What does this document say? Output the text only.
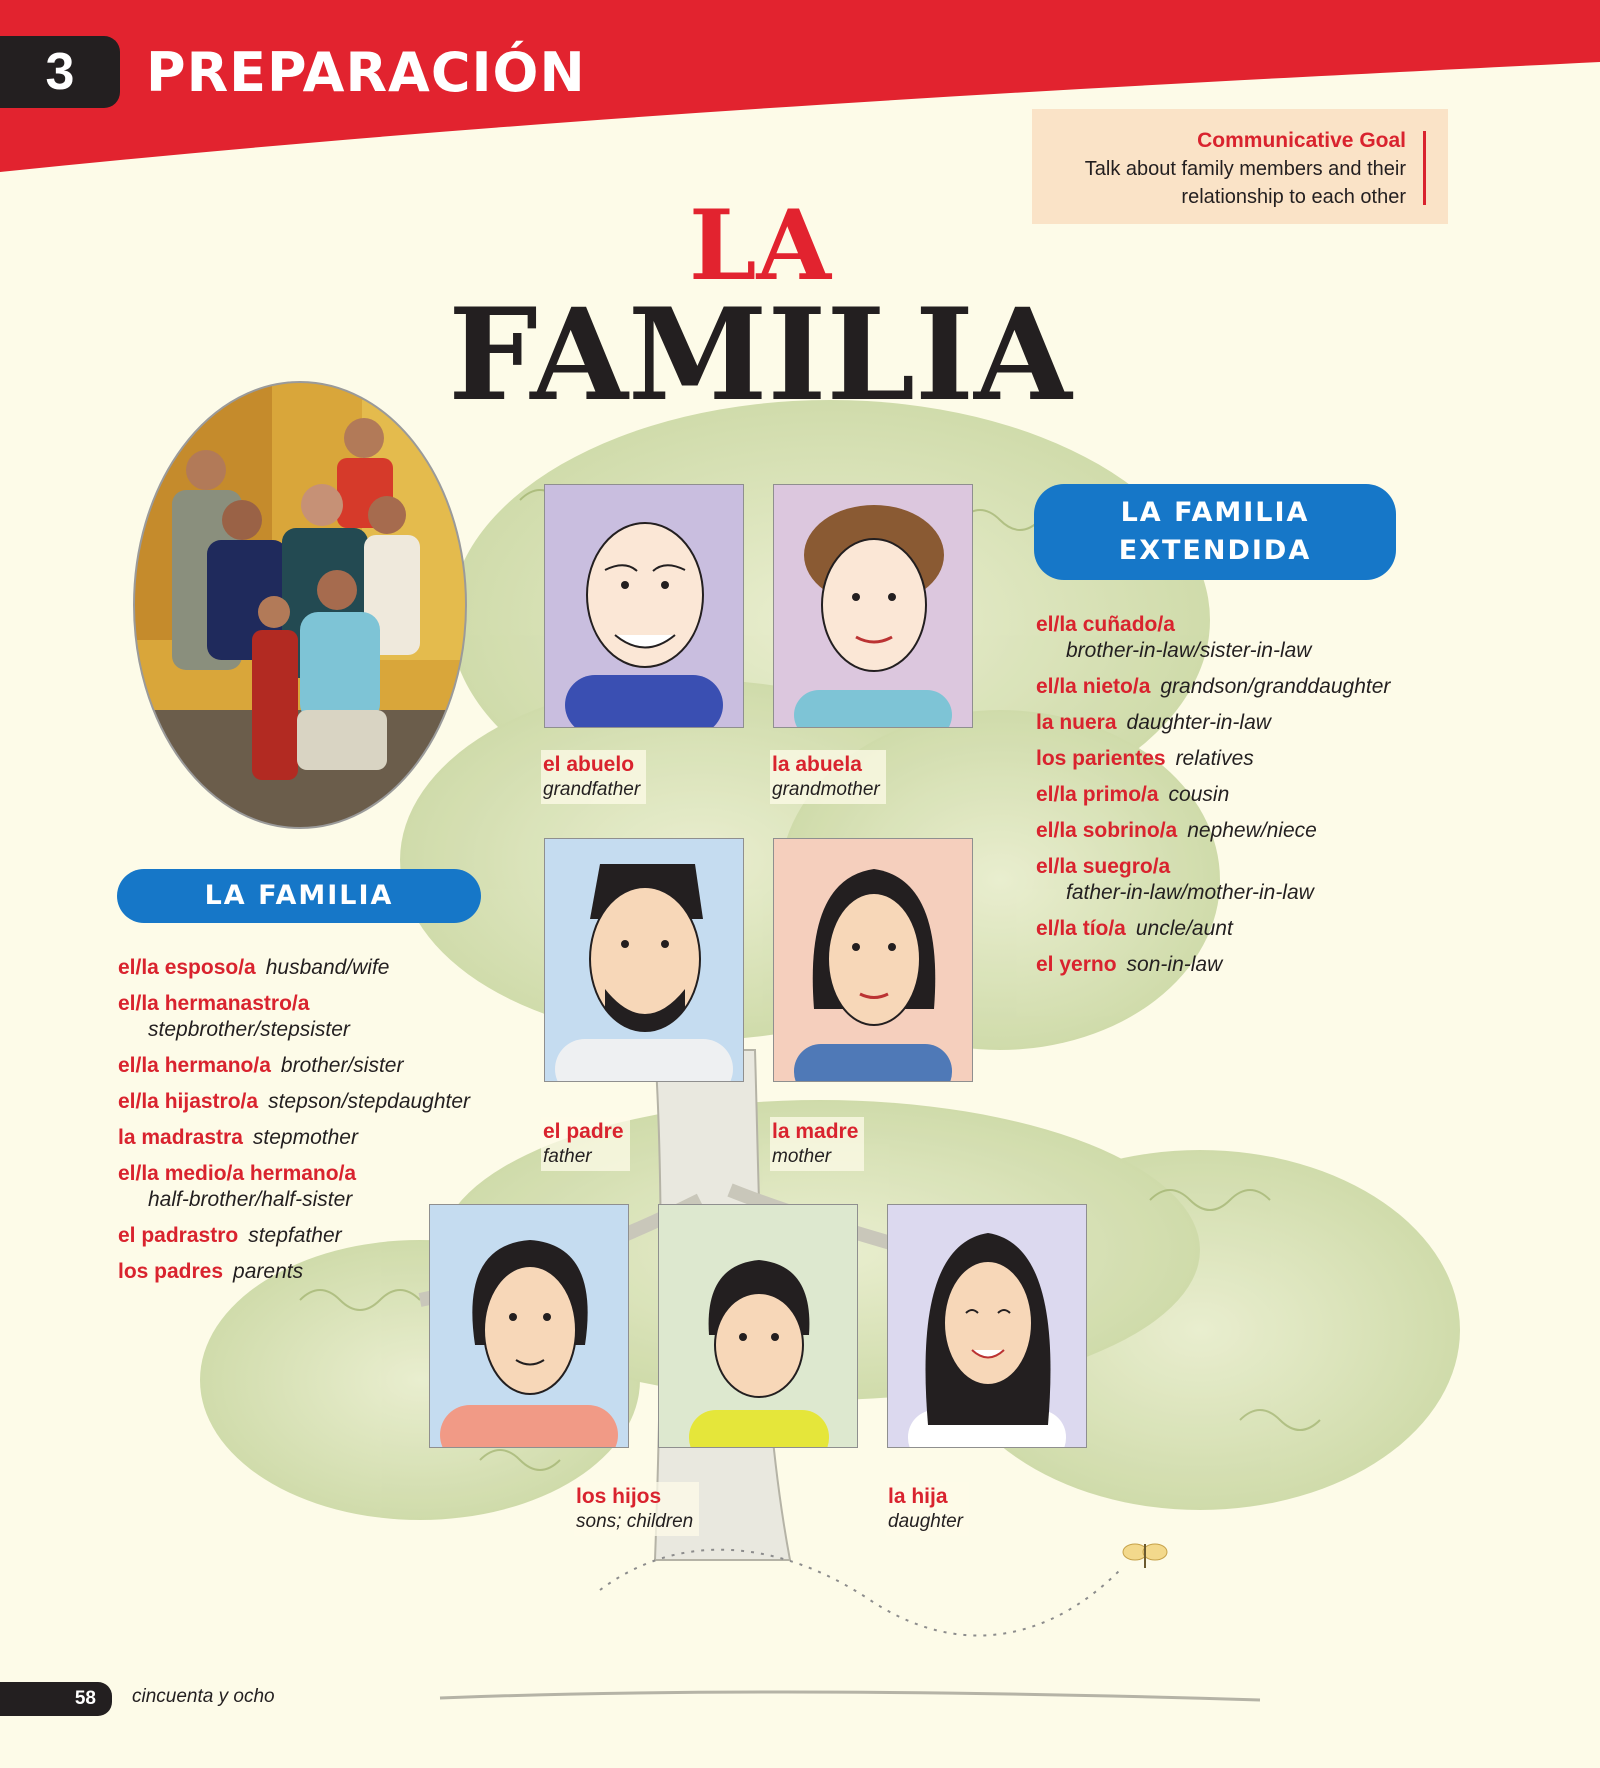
3	PREPARACIÓN
Communicative Goal
Talk about family members and their relationship to each other
LA
FAMILIA
el abuelo
grandfather
la abuela
grandmother
el padre
father
la madre
mother
los hijos
sons; children
la hija
daughter
LA FAMILIA
el/la esposo/a husband/wife
el/la hermanastro/a
stepbrother/stepsister
el/la hermano/a brother/sister
el/la hijastro/a stepson/stepdaughter
la madrastra stepmother
el/la medio/a hermano/a
half-brother/half-sister
el padrastro stepfather
los padres parents
LA FAMILIA
EXTENDIDA
el/la cuñado/a
brother-in-law/sister-in-law
el/la nieto/a grandson/granddaughter
la nuera daughter-in-law
los parientes relatives
el/la primo/a cousin
el/la sobrino/a nephew/niece
el/la suegro/a
father-in-law/mother-in-law
el/la tío/a uncle/aunt
el yerno son-in-law
58	cincuenta y ocho
